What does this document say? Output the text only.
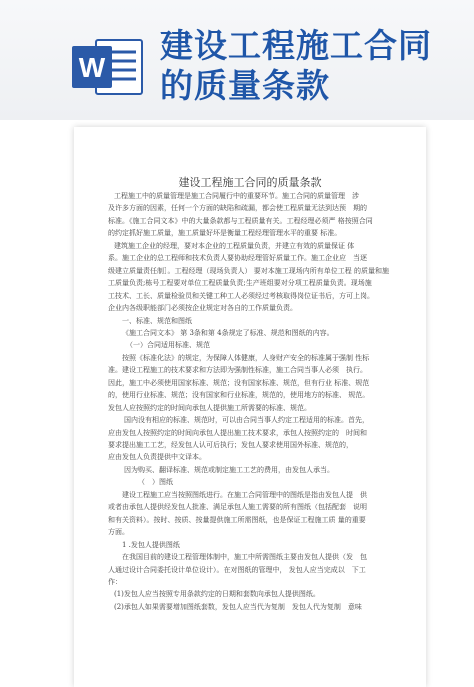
W
建设工程施工合同
的质量条款
建设工程施工合同的质量条款
工程施工中的质量管理是施工合同履行中的重要环节。施工合同的质量管理　涉
及许多方面的因素，任何一个方面的缺陷和疏漏，都会使工程质量无法到达预　期的
标准。《施工合同文本》中的大量条款都与工程质量有关。工程经理必须严 格按照合同
的约定抓好施工质量，施工质量好坏是衡量工程经理管理水平的重要 标准。
建筑施工企业的经理，要对本企业的工程质量负责，并建立有效的质量保证 体
系。施工企业的总工程师和技术负责人要协助经理管好质量工作。施工企业应　当逐
级建立质量责任制］。工程经理（现场负责人） 要对本施工现场内所有单位工程 的质量和施
工质量负责;栋号工程要对单位工程质量负责;生产班组要对分项工程质量负责。现场施
工技术、工长、质量检验员和关键工种工人必须经过考核取得岗位证书后，方可上岗。
企业内各级职能部门必须按企业规定对各自的工作质量负责。
一、标准、规范和图纸
《施工合同文本》 第 3条和第 4条规定了标准、规范和图纸的内容。
（一）合同适用标准、规范
按照《标准化法》的规定，为保障人体健康，人身财产安全的标准属于强制 性标
准。建设工程施工的技术要求和方法即为强制性标准，施工合同当事人必须　执行。
因此，施工中必须使用国家标准、规范；没有国家标准、规范，但有行业 标准、规范
的，使用行业标准、规范；没有国家和行业标准，规范的，使用地方的标准、 规范。
发包人应按照约定的时间向承包人提供施工所需要的标准、规范。
国内没有相应的标准、规范时，可以由合同当事人约定工程适用的标准。首先，
应由发包人按照约定的时间向承包人提出施工技术要求，承包人按照约定的　时间和
要求提出施工工艺，经发包人认可后执行；发包人要求使用国外标准、规范的，
应由发包人负责提供中文译本。
因为购买、翻译标准、规范或制定施工工艺的费用，由发包人承当。
（　）图纸
建设工程施工应当按照图纸进行。在施工合同管理中的图纸是指由发包人提　供
或者由承包人提供经发包人批准、满足承包人施工需要的所有图纸（包括配套　说明
和有关资料）。按时、按质、按量提供施工所需图纸，也是保证工程施工质 量的重要
方面。
1 .发包人提供图纸
在我国目前的建设工程管理体制中，施工中所需图纸主要由发包人提供（发　包
人通过设计合同委托设计单位设计）。在对图纸的管理中， 发包人应当完成以　下工
作：
(1)发包人应当按照专用条款约定的日期和套数向承包人提供图纸。
(2)承包人如果需要增加图纸套数，发包人应当代为复制　发包人代为复制　意味
